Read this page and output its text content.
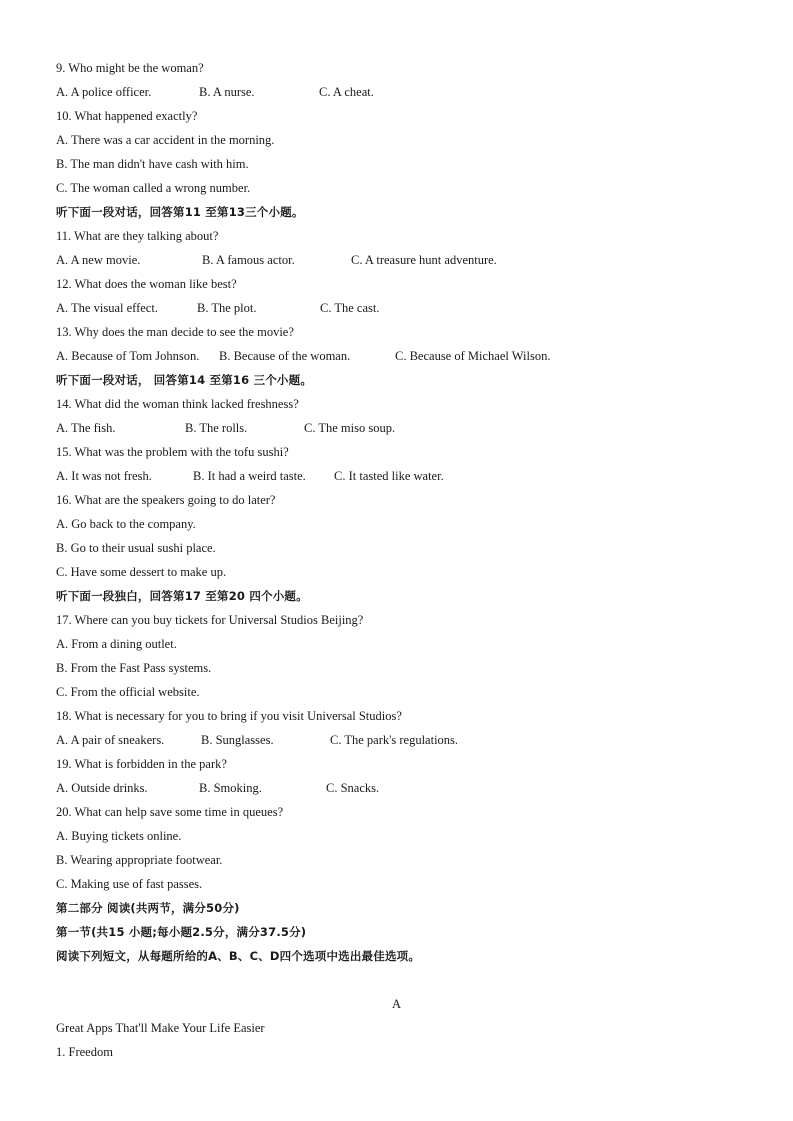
9. Who might be the woman?
A. A police officer.	B. A nurse.	C. A cheat.
10. What happened exactly?
A. There was a car accident in the morning.
B. The man didn't have cash with him.
C. The woman called a wrong number.
听下面一段对话，回答第11 至第13三个小题。
11. What are they talking about?
A. A new movie.	B. A famous actor.	C. A treasure hunt adventure.
12. What does the woman like best?
A. The visual effect.	B. The plot.	C. The cast.
13. Why does the man decide to see the movie?
A. Because of Tom Johnson. B. Because of the woman.	C. Because of Michael Wilson.
听下面一段对话， 回答第14 至第16 三个小题。
14. What did the woman think lacked freshness?
A. The fish.	B. The rolls.	C. The miso soup.
15. What was the problem with the tofu sushi?
A. It was not fresh.	B. It had a weird taste. C. It tasted like water.
16. What are the speakers going to do later?
A. Go back to the company.
B. Go to their usual sushi place.
C. Have some dessert to make up.
听下面一段独白，回答第17 至第20 四个小题。
17. Where can you buy tickets for Universal Studios Beijing?
A. From a dining outlet.
B. From the Fast Pass systems.
C. From the official website.
18. What is necessary for you to bring if you visit Universal Studios?
A. A pair of sneakers.	B. Sunglasses.	C. The park's regulations.
19. What is forbidden in the park?
A. Outside drinks.	B. Smoking.	C. Snacks.
20. What can help save some time in queues?
A. Buying tickets online.
B. Wearing appropriate footwear.
C. Making use of fast passes.
第二部分 阅读(共两节，满分50分)
第一节(共15 小题;每小题2.5分，满分37.5分)
阅读下列短文，从每题所给的A、B、C、D四个选项中选出最佳选项。
A
Great Apps That'll Make Your Life Easier
1. Freedom
